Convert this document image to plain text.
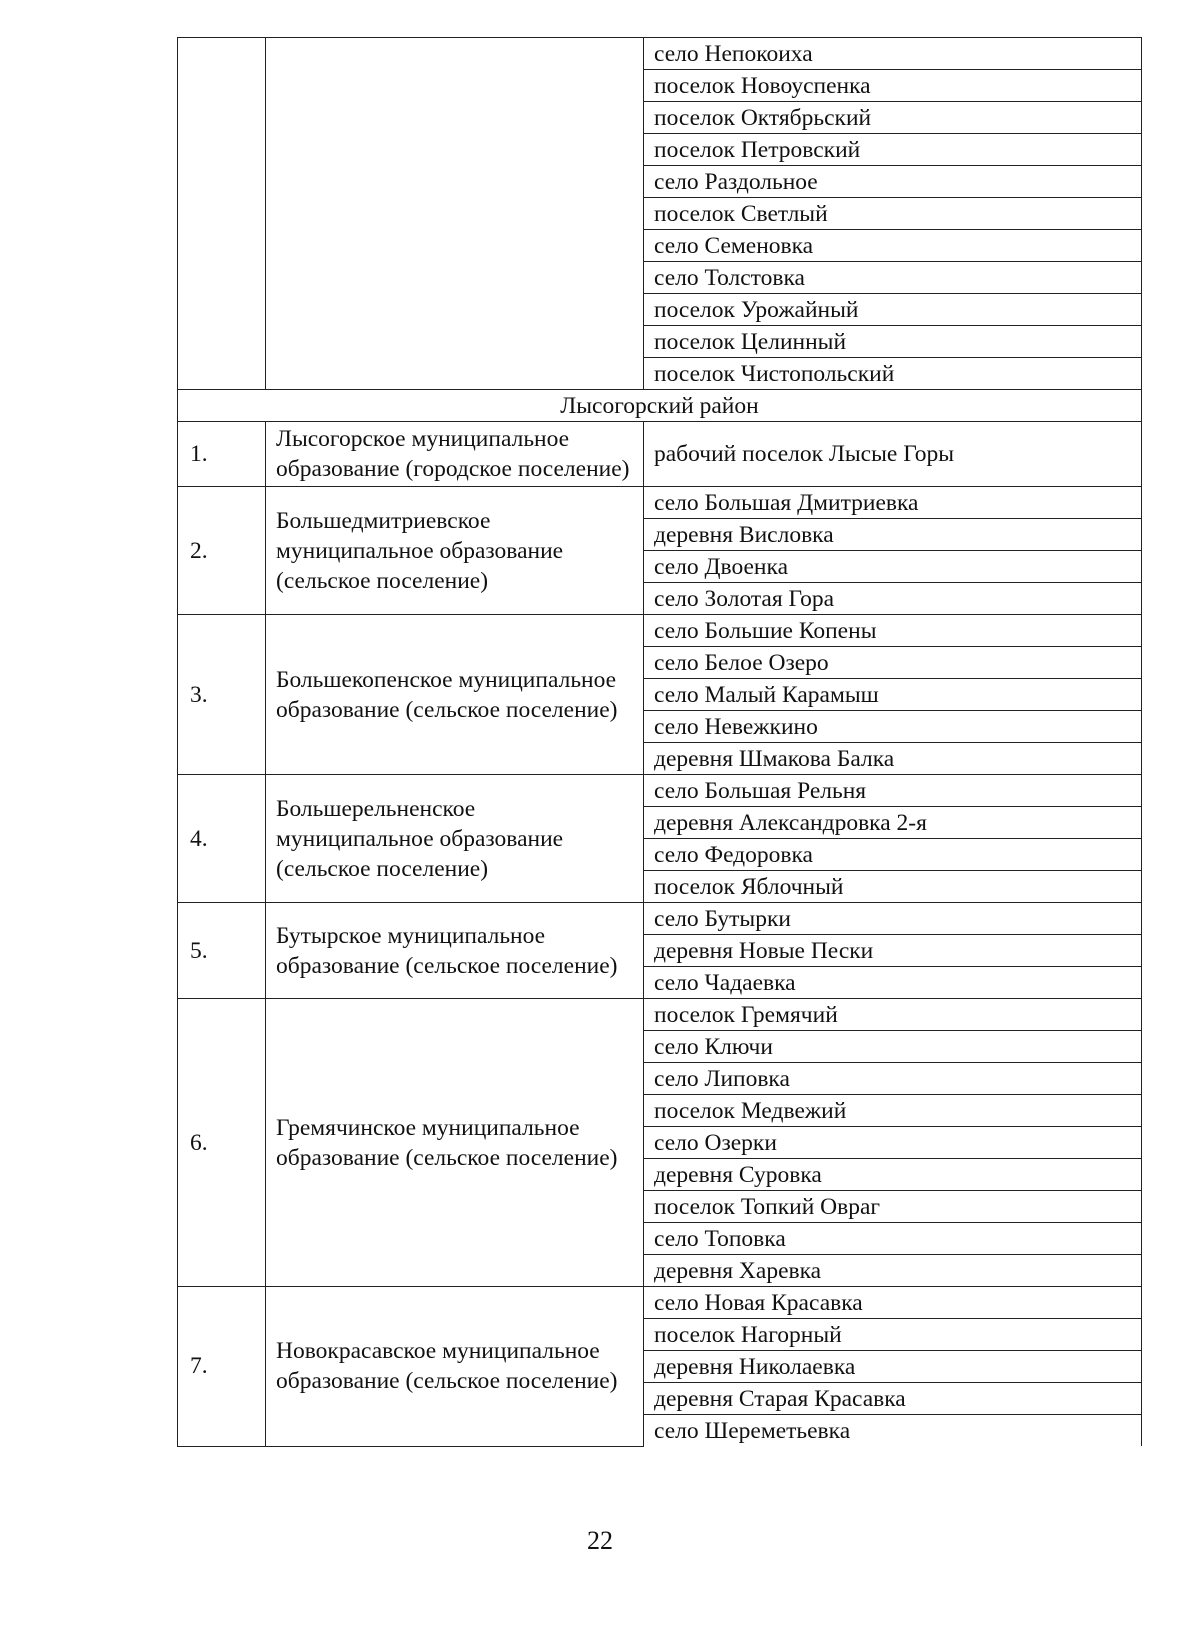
		село Непокоиха
		поселок Новоуспенка
		поселок Октябрьский
		поселок Петровский
		село Раздольное
		поселок Светлый
		село Семеновка
		село Толстовка
		поселок Урожайный
		поселок Целинный
		поселок Чистопольский
Лысогорский район		
1.	Лысогорское муниципальное образование (городское поселение)	рабочий поселок Лысые Горы
2.	Большедмитриевское муниципальное образование (сельское поселение)	село Большая Дмитриевка
		деревня Висловка
		село Двоенка
		село Золотая Гора
3.	Большекопенское муниципальное образование (сельское поселение)	село Большие Копены
		село Белое Озеро
		село Малый Карамыш
		село Невежкино
		деревня Шмакова Балка
4.	Большерельненское муниципальное образование (сельское поселение)	село Большая Рельня
		деревня Александровка 2-я
		село Федоровка
		поселок Яблочный
5.	Бутырское муниципальное образование (сельское поселение)	село Бутырки
		деревня Новые Пески
		село Чадаевка
6.	Гремячинское муниципальное образование (сельское поселение)	поселок Гремячий
		село Ключи
		село Липовка
		поселок Медвежий
		село Озерки
		деревня Суровка
		поселок Топкий Овраг
		село Топовка
		деревня Харевка
7.	Новокрасавское муниципальное образование (сельское поселение)	село Новая Красавка
		поселок Нагорный
		деревня Николаевка
		деревня Старая Красавка
		село Шереметьевка
22
